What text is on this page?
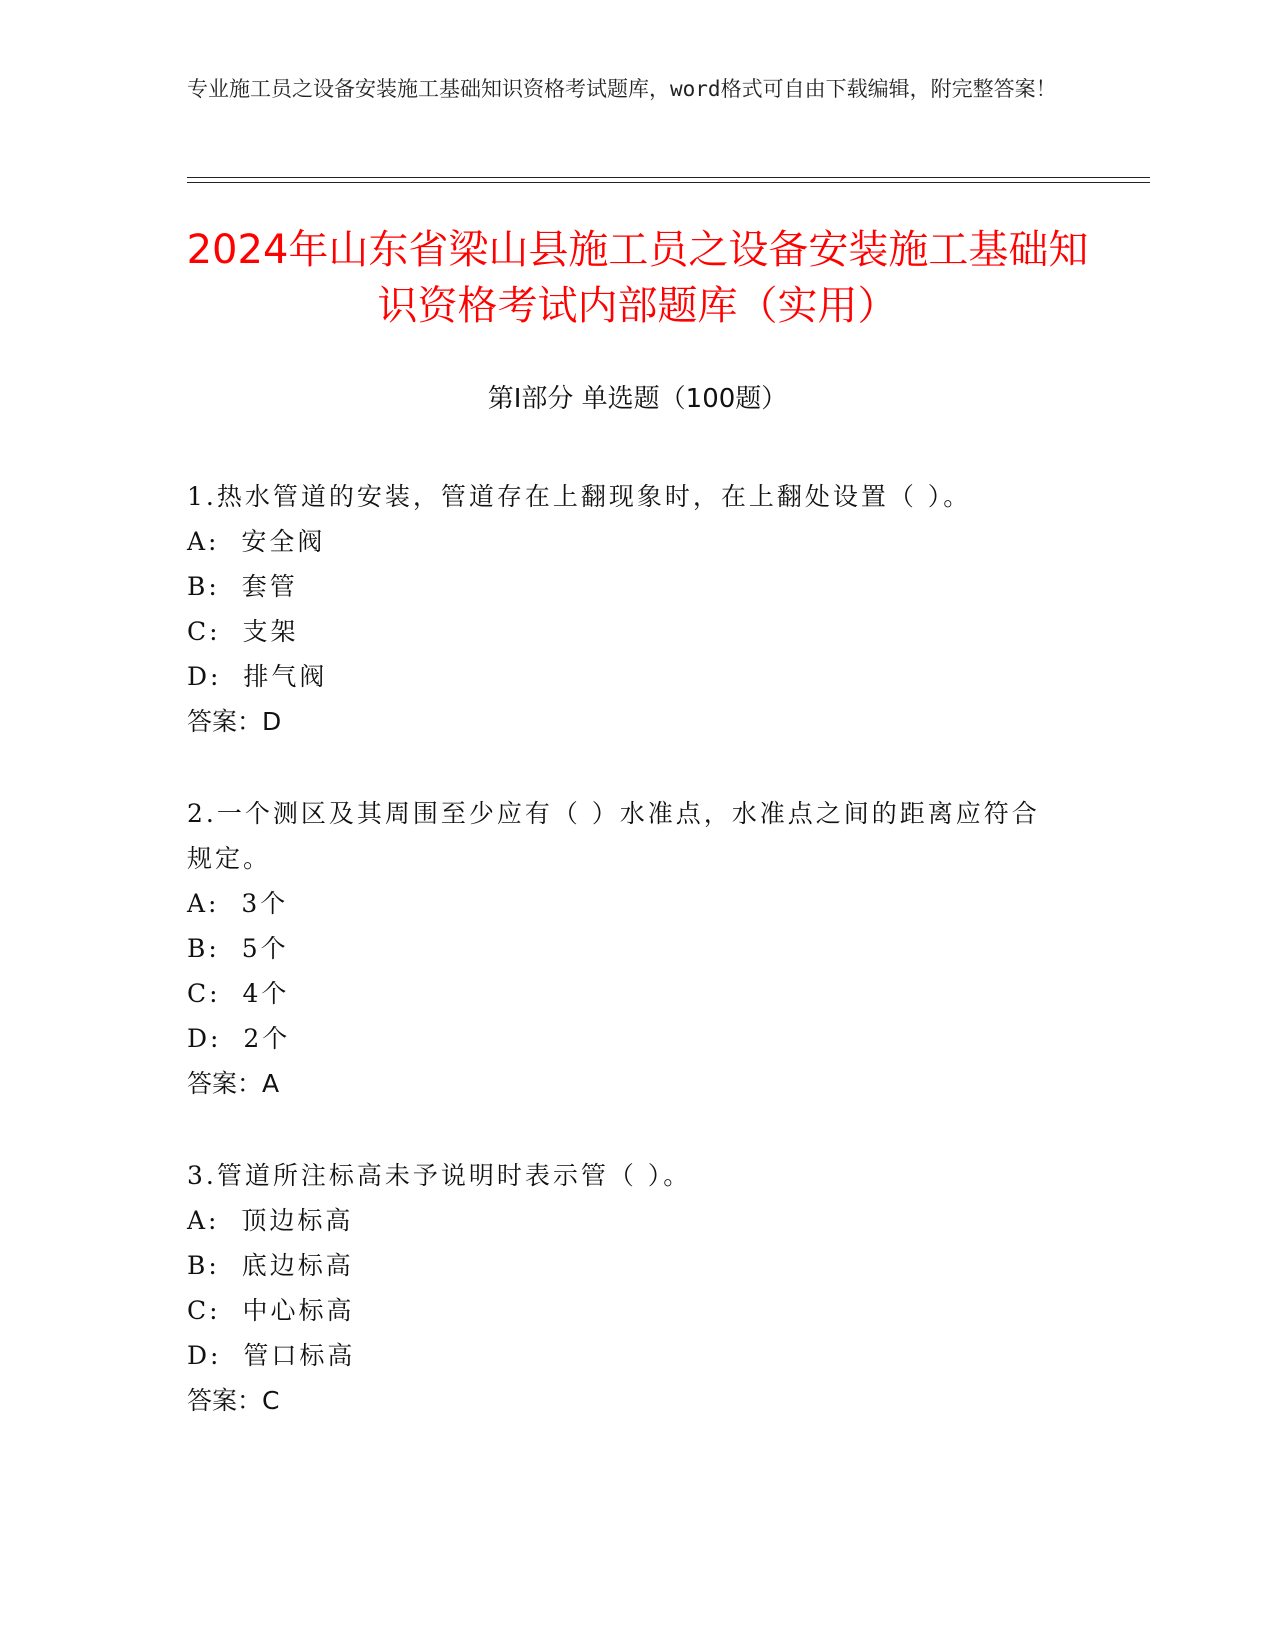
专业施工员之设备安装施工基础知识资格考试题库，word格式可自由下载编辑，附完整答案！
2024年山东省梁山县施工员之设备安装施工基础知识资格考试内部题库（实用）
第Ⅰ部分 单选题（100题）
1.热水管道的安装，管道存在上翻现象时，在上翻处设置（ ）。
A:  安全阀
B:  套管
C:  支架
D:  排气阀
答案：D
2.一个测区及其周围至少应有（ ）水准点，水准点之间的距离应符合规定。
A:  3个
B:  5个
C:  4个
D:  2个
答案：A
3.管道所注标高未予说明时表示管（ ）。
A:  顶边标高
B:  底边标高
C:  中心标高
D:  管口标高
答案：C
